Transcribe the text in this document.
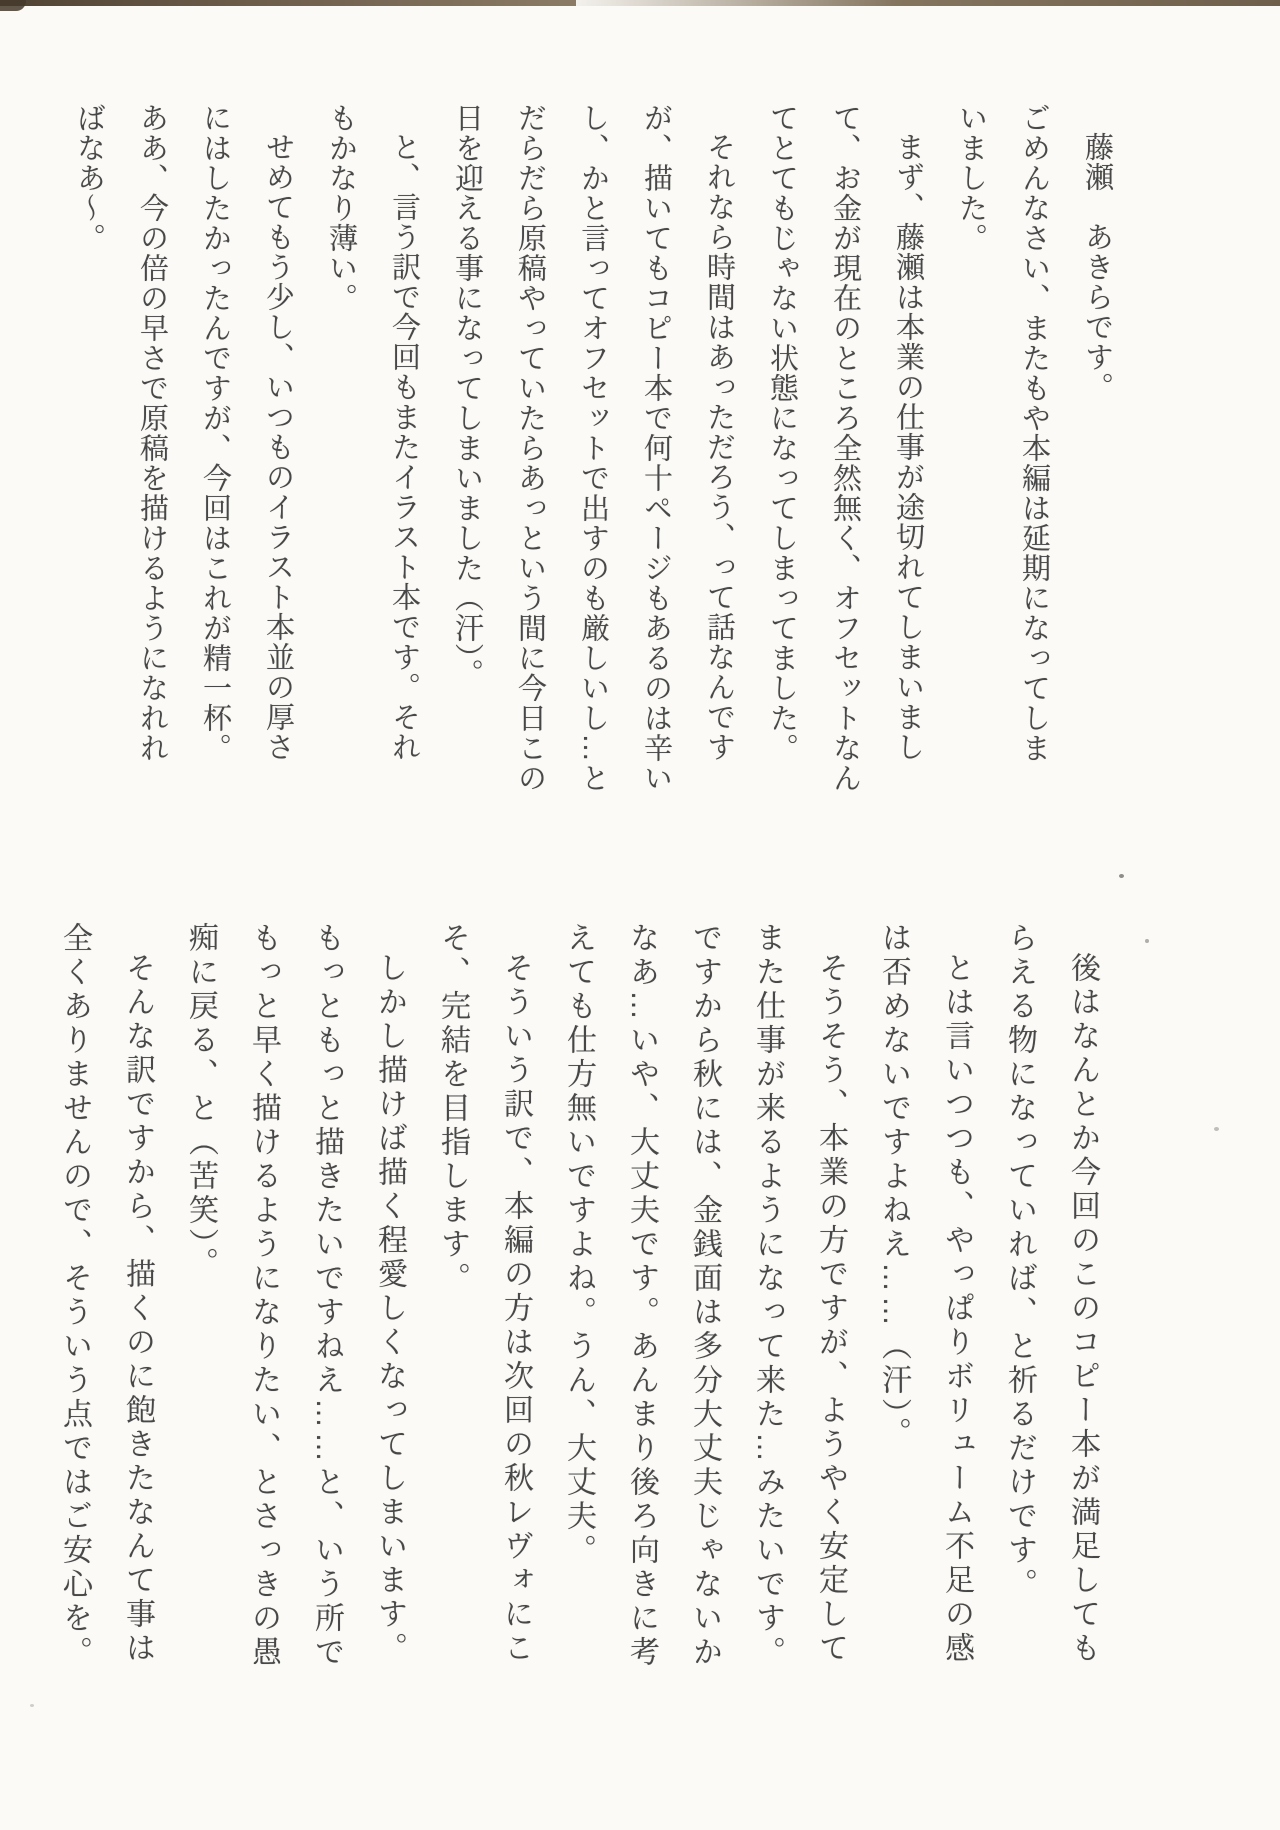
藤瀬　あきらです。

ごめんなさい、またもや本編は延期になってしまいました。

まず、藤瀬は本業の仕事が途切れてしまいまして、お金が現在のところ全然無く、オフセットなんてとてもじゃない状態になってしまってました。

それなら時間はあっただろう、って話なんですが、描いてもコピー本で何十ページもあるのは辛いし、かと言ってオフセットで出すのも厳しいし…とだらだら原稿やっていたらあっという間に今日この日を迎える事になってしまいました（汗）。

と、言う訳で今回もまたイラスト本です。それもかなり薄い。

せめてもう少し、いつものイラスト本並の厚さにはしたかったんですが、今回はこれが精一杯。ああ、今の倍の早さで原稿を描けるようになれればなあ〜。

後はなんとか今回のこのコピー本が満足してもらえる物になっていれば、と祈るだけです。

とは言いつつも、やっぱりボリューム不足の感は否めないですよねえ……（汗）。

そうそう、本業の方ですが、ようやく安定してまた仕事が来るようになって来た…みたいです。ですから秋には、金銭面は多分大丈夫じゃないかなあ…いや、大丈夫です。あんまり後ろ向きに考えても仕方無いですよね。うん、大丈夫。

そういう訳で、本編の方は次回の秋レヴォにこそ、完結を目指します。

しかし描けば描く程愛しくなってしまいます。もっともっと描きたいですねえ……と、いう所でもっと早く描けるようになりたい、とさっきの愚痴に戻る、と（苦笑）。

そんな訳ですから、描くのに飽きたなんて事は全くありませんので、そういう点ではご安心を。
